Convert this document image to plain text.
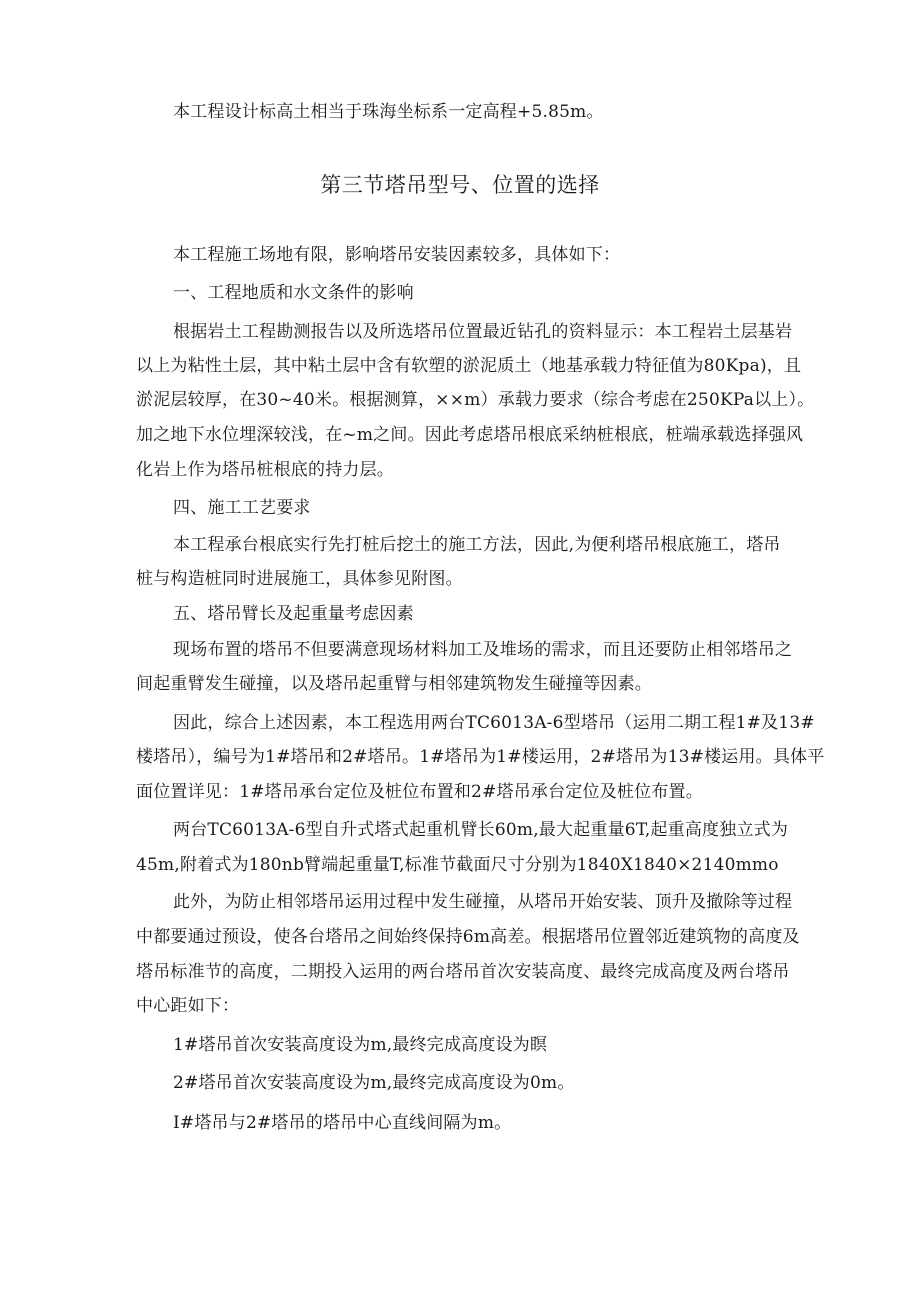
本工程设计标高土相当于珠海坐标系一定高程+5.85m。
第三节塔吊型号、位置的选择
本工程施工场地有限，影响塔吊安装因素较多，具体如下：
一、工程地质和水文条件的影响
根据岩土工程勘测报告以及所选塔吊位置最近钻孔的资料显示：本工程岩土层基岩
以上为粘性土层，其中粘土层中含有软塑的淤泥质土（地基承载力特征值为80Kpa)，且
淤泥层较厚，在30~40米。根据测算，××m）承载力要求（综合考虑在250KPa以上）。
加之地下水位埋深较浅，在~m之间。因此考虑塔吊根底采纳桩根底，桩端承载选择强风
化岩上作为塔吊桩根底的持力层。
四、施工工艺要求
本工程承台根底实行先打桩后挖土的施工方法，因此,为便利塔吊根底施工，塔吊
桩与构造桩同时进展施工，具体参见附图。
五、塔吊臂长及起重量考虑因素
现场布置的塔吊不但要满意现场材料加工及堆场的需求，而且还要防止相邻塔吊之
间起重臂发生碰撞，以及塔吊起重臂与相邻建筑物发生碰撞等因素。
因此，综合上述因素，本工程选用两台TC6013A-6型塔吊（运用二期工程1#及13#
楼塔吊），编号为1#塔吊和2#塔吊。1#塔吊为1#楼运用，2#塔吊为13#楼运用。具体平
面位置详见：1#塔吊承台定位及桩位布置和2#塔吊承台定位及桩位布置。
两台TC6013A-6型自升式塔式起重机臂长60m,最大起重量6T,起重高度独立式为
45m,附着式为180nb臂端起重量T,标准节截面尺寸分别为1840X1840×2140mmo
此外，为防止相邻塔吊运用过程中发生碰撞，从塔吊开始安装、顶升及撤除等过程
中都要通过预设，使各台塔吊之间始终保持6m高差。根据塔吊位置邻近建筑物的高度及
塔吊标准节的高度，二期投入运用的两台塔吊首次安装高度、最终完成高度及两台塔吊
中心距如下：
1#塔吊首次安装高度设为m,最终完成高度设为瞑
2#塔吊首次安装高度设为m,最终完成高度设为0m。
I#塔吊与2#塔吊的塔吊中心直线间隔为m。
